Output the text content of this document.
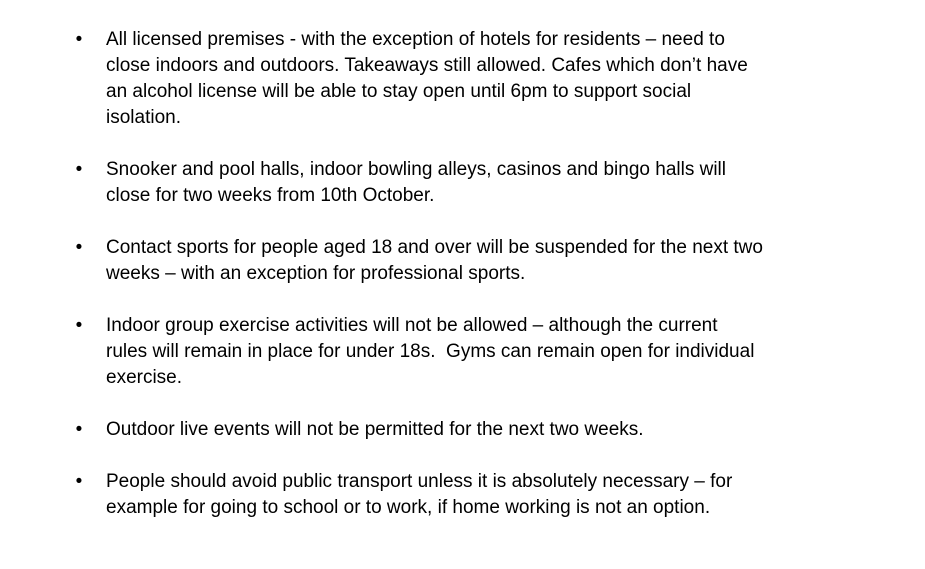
• All licensed premises - with the exception of hotels for residents – need to
close indoors and outdoors. Takeaways still allowed. Cafes which don’t have
an alcohol license will be able to stay open until 6pm to support social
isolation.
• Snooker and pool halls, indoor bowling alleys, casinos and bingo halls will
close for two weeks from 10th October.
• Contact sports for people aged 18 and over will be suspended for the next two
weeks – with an exception for professional sports.
• Indoor group exercise activities will not be allowed – although the current
rules will remain in place for under 18s.  Gyms can remain open for individual
exercise.
• Outdoor live events will not be permitted for the next two weeks.
• People should avoid public transport unless it is absolutely necessary – for
example for going to school or to work, if home working is not an option.
